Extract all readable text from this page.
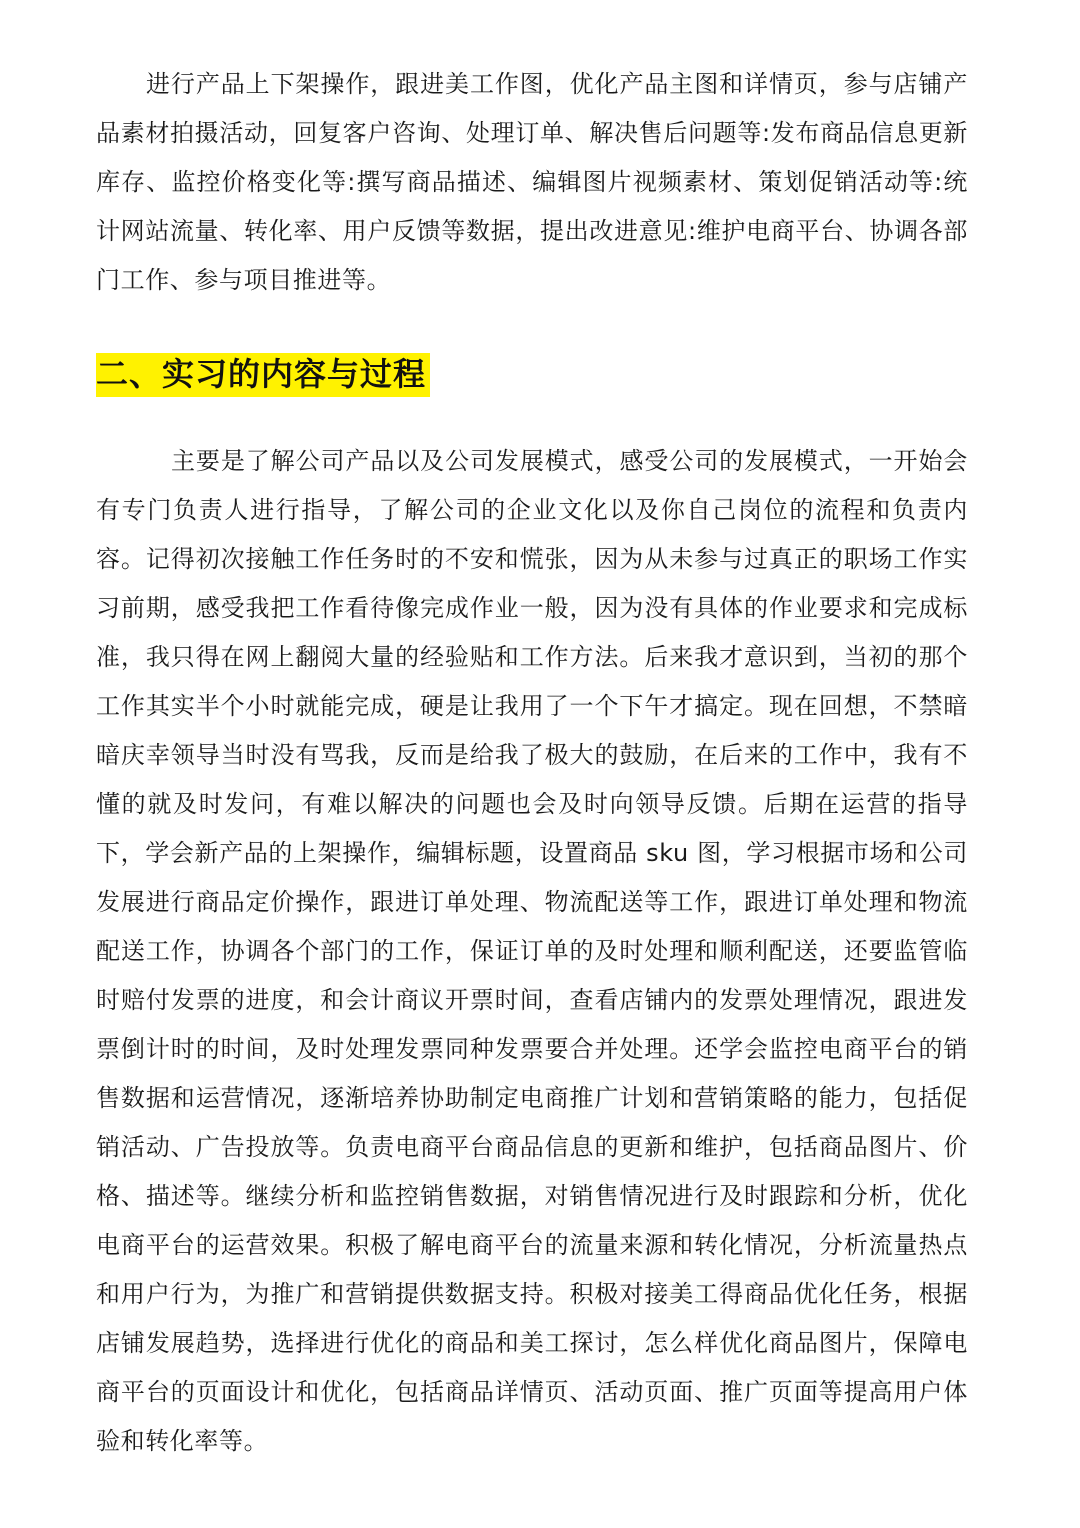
进行产品上下架操作，跟进美工作图，优化产品主图和详情页，参与店铺产品素材拍摄活动，回复客户咨询、处理订单、解决售后问题等:发布商品信息更新库存、监控价格变化等:撰写商品描述、编辑图片视频素材、策划促销活动等:统计网站流量、转化率、用户反馈等数据，提出改进意见:维护电商平台、协调各部门工作、参与项目推进等。

二、实习的内容与过程

主要是了解公司产品以及公司发展模式，感受公司的发展模式，一开始会有专门负责人进行指导，了解公司的企业文化以及你自己岗位的流程和负责内容。记得初次接触工作任务时的不安和慌张，因为从未参与过真正的职场工作实习前期，感受我把工作看待像完成作业一般，因为没有具体的作业要求和完成标准，我只得在网上翻阅大量的经验贴和工作方法。后来我才意识到，当初的那个工作其实半个小时就能完成，硬是让我用了一个下午才搞定。现在回想，不禁暗暗庆幸领导当时没有骂我，反而是给我了极大的鼓励，在后来的工作中，我有不懂的就及时发问，有难以解决的问题也会及时向领导反馈。后期在运营的指导下，学会新产品的上架操作，编辑标题，设置商品 sku 图，学习根据市场和公司发展进行商品定价操作，跟进订单处理、物流配送等工作，跟进订单处理和物流配送工作，协调各个部门的工作，保证订单的及时处理和顺利配送，还要监管临时赔付发票的进度，和会计商议开票时间，查看店铺内的发票处理情况，跟进发票倒计时的时间，及时处理发票同种发票要合并处理。还学会监控电商平台的销售数据和运营情况，逐渐培养协助制定电商推广计划和营销策略的能力，包括促销活动、广告投放等。负责电商平台商品信息的更新和维护，包括商品图片、价格、描述等。继续分析和监控销售数据，对销售情况进行及时跟踪和分析，优化电商平台的运营效果。积极了解电商平台的流量来源和转化情况，分析流量热点和用户行为，为推广和营销提供数据支持。积极对接美工得商品优化任务，根据店铺发展趋势，选择进行优化的商品和美工探讨，怎么样优化商品图片，保障电商平台的页面设计和优化，包括商品详情页、活动页面、推广页面等提高用户体验和转化率等。
